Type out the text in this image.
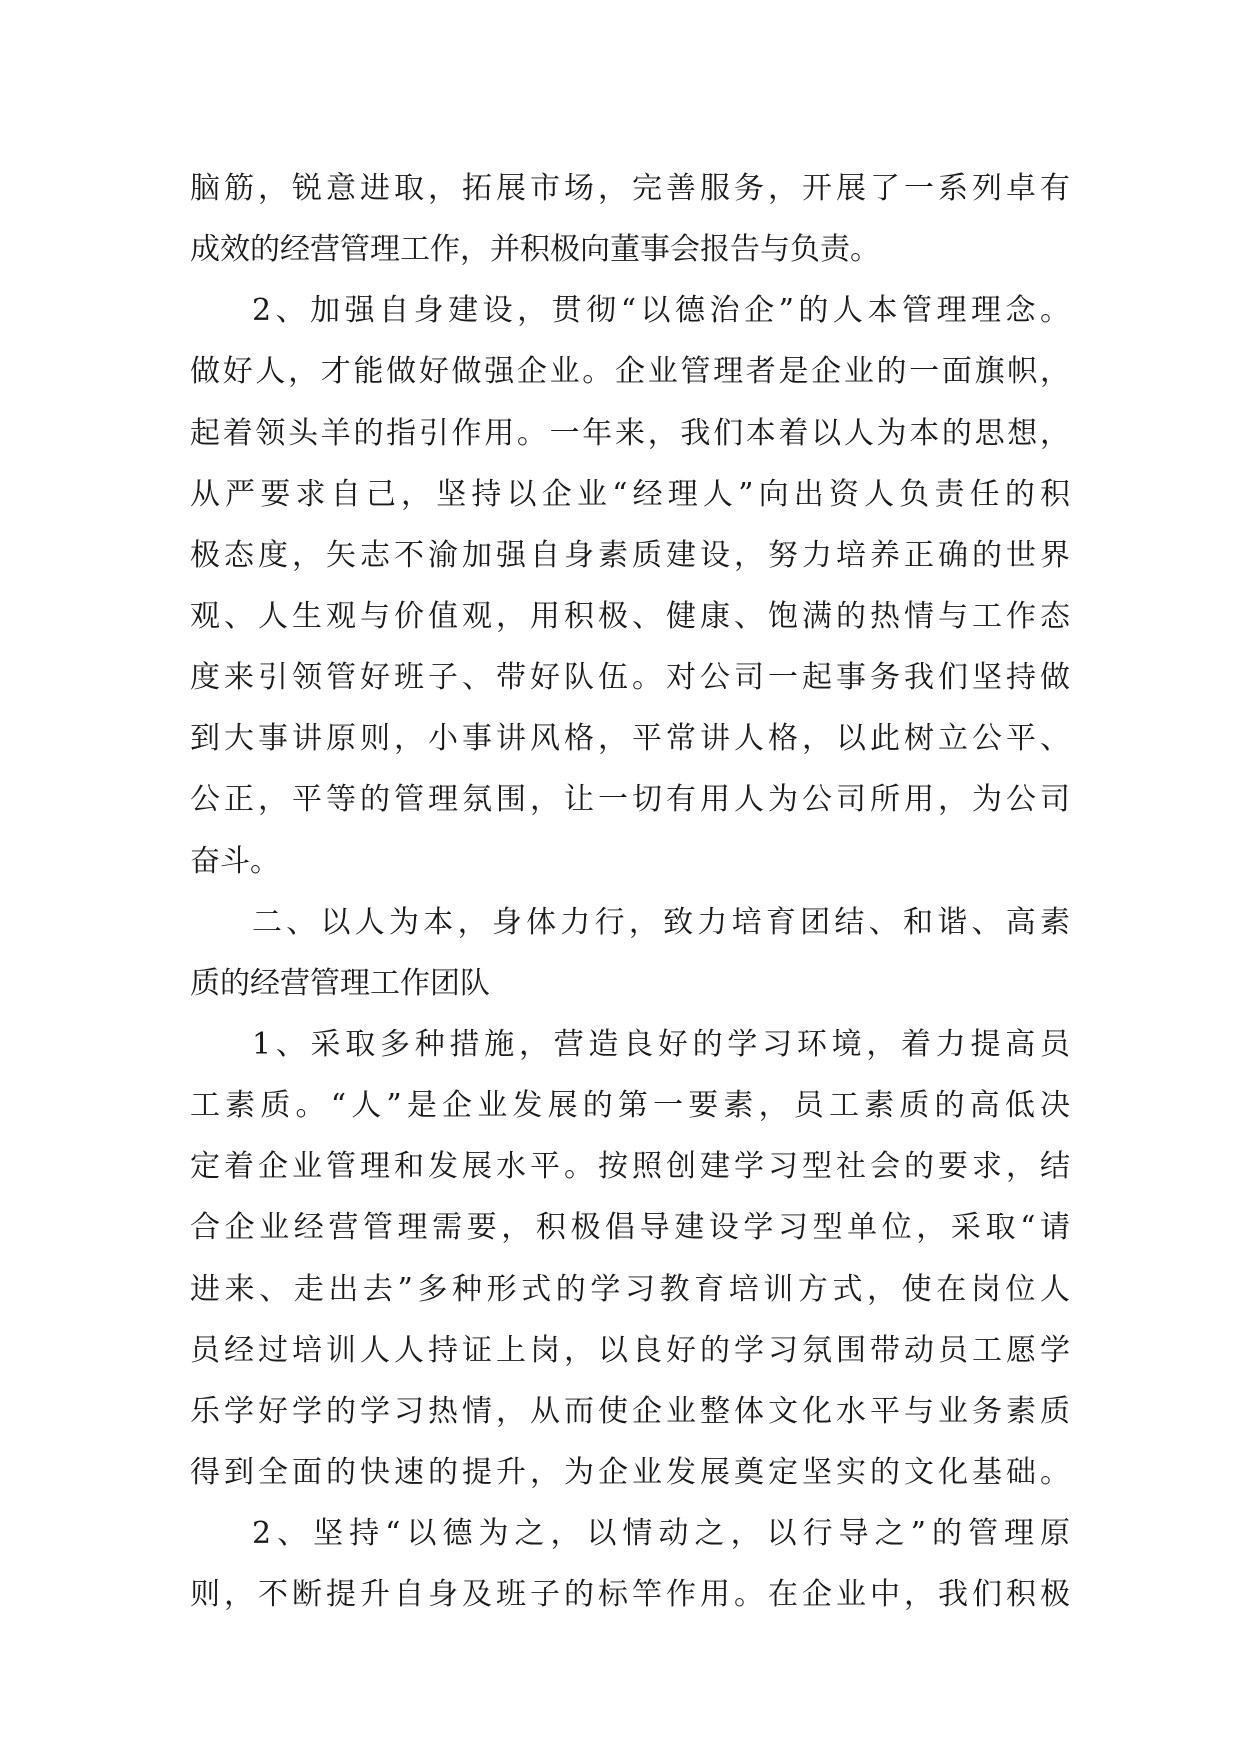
脑筋，锐意进取，拓展市场，完善服务，开展了一系列卓有
成效的经营管理工作，并积极向董事会报告与负责。
2、加强自身建设，贯彻“以德治企”的人本管理理念。
做好人，才能做好做强企业。企业管理者是企业的一面旗帜，
起着领头羊的指引作用。一年来，我们本着以人为本的思想，
从严要求自己，坚持以企业“经理人”向出资人负责任的积
极态度，矢志不渝加强自身素质建设，努力培养正确的世界
观、人生观与价值观，用积极、健康、饱满的热情与工作态
度来引领管好班子、带好队伍。对公司一起事务我们坚持做
到大事讲原则，小事讲风格，平常讲人格，以此树立公平、
公正，平等的管理氛围，让一切有用人为公司所用，为公司
奋斗。
二、以人为本，身体力行，致力培育团结、和谐、高素
质的经营管理工作团队
1、采取多种措施，营造良好的学习环境，着力提高员
工素质。“人”是企业发展的第一要素，员工素质的高低决
定着企业管理和发展水平。按照创建学习型社会的要求，结
合企业经营管理需要，积极倡导建设学习型单位，采取“请
进来、走出去”多种形式的学习教育培训方式，使在岗位人
员经过培训人人持证上岗，以良好的学习氛围带动员工愿学
乐学好学的学习热情，从而使企业整体文化水平与业务素质
得到全面的快速的提升，为企业发展奠定坚实的文化基础。
2、坚持“以德为之，以情动之，以行导之”的管理原
则，不断提升自身及班子的标竿作用。在企业中，我们积极
